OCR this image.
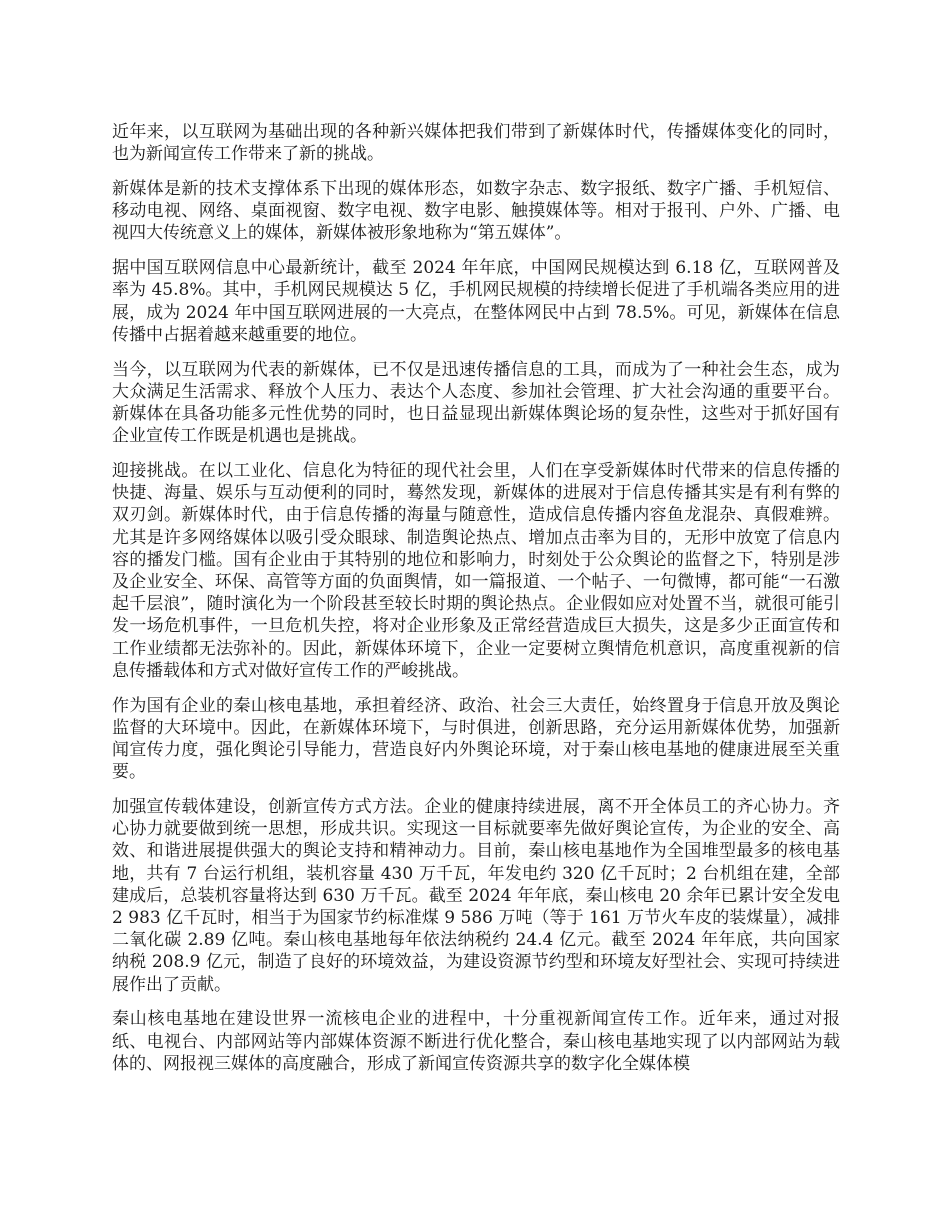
近年来，以互联网为基础出现的各种新兴媒体把我们带到了新媒体时代，传播媒体变化的同时，也为新闻宣传工作带来了新的挑战。

新媒体是新的技术支撑体系下出现的媒体形态，如数字杂志、数字报纸、数字广播、手机短信、移动电视、网络、桌面视窗、数字电视、数字电影、触摸媒体等。相对于报刊、户外、广播、电视四大传统意义上的媒体，新媒体被形象地称为“第五媒体”。

据中国互联网信息中心最新统计，截至 2024 年年底，中国网民规模达到 6.18 亿，互联网普及率为 45.8%。其中，手机网民规模达 5 亿，手机网民规模的持续增长促进了手机端各类应用的进展，成为 2024 年中国互联网进展的一大亮点，在整体网民中占到 78.5%。可见，新媒体在信息传播中占据着越来越重要的地位。

当今，以互联网为代表的新媒体，已不仅是迅速传播信息的工具，而成为了一种社会生态，成为大众满足生活需求、释放个人压力、表达个人态度、参加社会管理、扩大社会沟通的重要平台。新媒体在具备功能多元性优势的同时，也日益显现出新媒体舆论场的复杂性，这些对于抓好国有企业宣传工作既是机遇也是挑战。

迎接挑战。在以工业化、信息化为特征的现代社会里，人们在享受新媒体时代带来的信息传播的快捷、海量、娱乐与互动便利的同时，蓦然发现，新媒体的进展对于信息传播其实是有利有弊的双刃剑。新媒体时代，由于信息传播的海量与随意性，造成信息传播内容鱼龙混杂、真假难辨。尤其是许多网络媒体以吸引受众眼球、制造舆论热点、增加点击率为目的，无形中放宽了信息内容的播发门槛。国有企业由于其特别的地位和影响力，时刻处于公众舆论的监督之下，特别是涉及企业安全、环保、高管等方面的负面舆情，如一篇报道、一个帖子、一句微博，都可能“一石激起千层浪”，随时演化为一个阶段甚至较长时期的舆论热点。企业假如应对处置不当，就很可能引发一场危机事件，一旦危机失控，将对企业形象及正常经营造成巨大损失，这是多少正面宣传和工作业绩都无法弥补的。因此，新媒体环境下，企业一定要树立舆情危机意识，高度重视新的信息传播载体和方式对做好宣传工作的严峻挑战。

作为国有企业的秦山核电基地，承担着经济、政治、社会三大责任，始终置身于信息开放及舆论监督的大环境中。因此，在新媒体环境下，与时俱进，创新思路，充分运用新媒体优势，加强新闻宣传力度，强化舆论引导能力，营造良好内外舆论环境，对于秦山核电基地的健康进展至关重要。

加强宣传载体建设，创新宣传方式方法。企业的健康持续进展，离不开全体员工的齐心协力。齐心协力就要做到统一思想，形成共识。实现这一目标就要率先做好舆论宣传，为企业的安全、高效、和谐进展提供强大的舆论支持和精神动力。目前，秦山核电基地作为全国堆型最多的核电基地，共有 7 台运行机组，装机容量 430 万千瓦，年发电约 320 亿千瓦时；2 台机组在建，全部建成后，总装机容量将达到 630 万千瓦。截至 2024 年年底，秦山核电 20 余年已累计安全发电 2 983 亿千瓦时，相当于为国家节约标准煤 9 586 万吨（等于 161 万节火车皮的装煤量），减排二氧化碳 2.89 亿吨。秦山核电基地每年依法纳税约 24.4 亿元。截至 2024 年年底，共向国家纳税 208.9 亿元，制造了良好的环境效益，为建设资源节约型和环境友好型社会、实现可持续进展作出了贡献。

秦山核电基地在建设世界一流核电企业的进程中，十分重视新闻宣传工作。近年来，通过对报纸、电视台、内部网站等内部媒体资源不断进行优化整合，秦山核电基地实现了以内部网站为载体的、网报视三媒体的高度融合，形成了新闻宣传资源共享的数字化全媒体模
